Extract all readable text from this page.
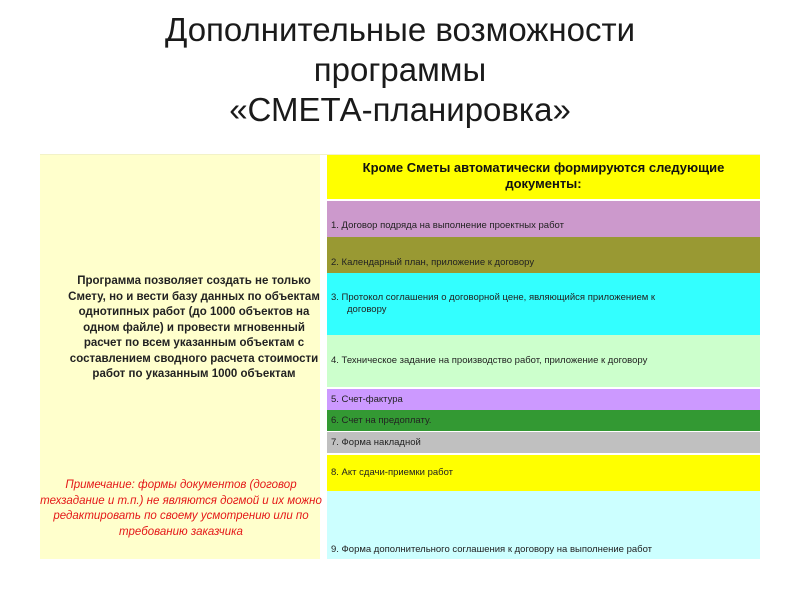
Дополнительные возможности
программы
«СМЕТА-планировка»
Программа позволяет создать не только Смету, но и вести базу данных по объектам однотипных работ (до 1000 объектов на одном файле) и провести мгновенный расчет по всем указанным объектам с составлением сводного расчета стоимости работ по указанным 1000 объектам
Примечание: формы документов (договор техзадание и т.п.) не являются догмой и их можно редактировать по своему усмотрению или по требованию заказчика
Кроме Сметы автоматически формируются следующие документы:
1. Договор подряда на выполнение проектных работ
2. Календарный план, приложение к договору
3. Протокол соглашения о договорной цене, являющийся приложением к
договору
4. Техническое задание на производство работ, приложение к договору
5. Счет-фактура
6. Счет на предоплату.
7. Форма накладной
8. Акт сдачи-приемки работ
9. Форма дополнительного соглашения к договору на выполнение работ
